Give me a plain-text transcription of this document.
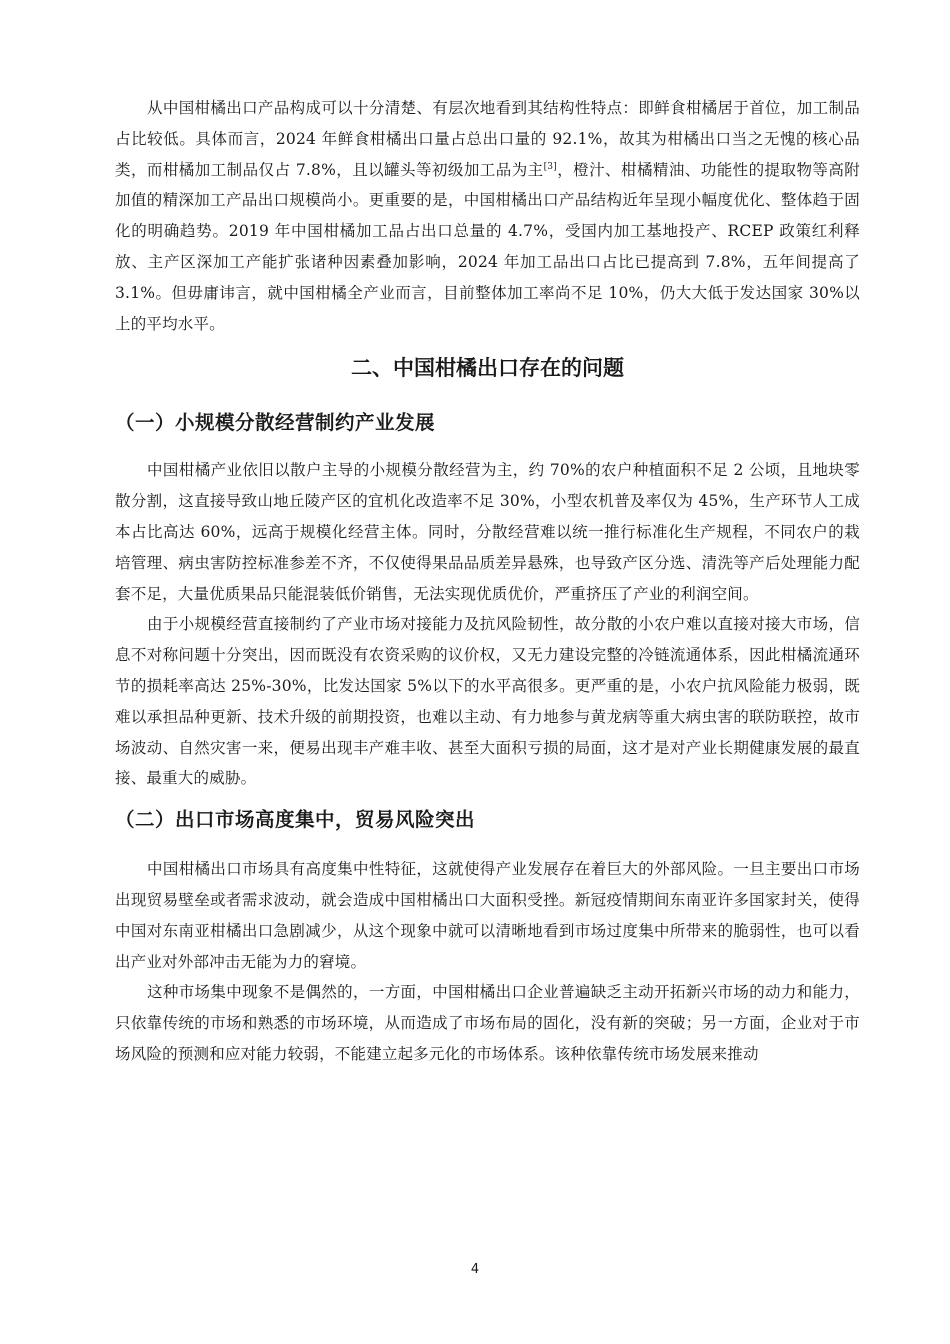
从中国柑橘出口产品构成可以十分清楚、有层次地看到其结构性特点：即鲜食柑橘居于首位，加工制品占比较低。具体而言，2024 年鲜食柑橘出口量占总出口量的 92.1%，故其为柑橘出口当之无愧的核心品类，而柑橘加工制品仅占 7.8%，且以罐头等初级加工品为主[3]，橙汁、柑橘精油、功能性的提取物等高附加值的精深加工产品出口规模尚小。更重要的是，中国柑橘出口产品结构近年呈现小幅度优化、整体趋于固化的明确趋势。2019 年中国柑橘加工品占出口总量的 4.7%，受国内加工基地投产、RCEP 政策红利释放、主产区深加工产能扩张诸种因素叠加影响，2024 年加工品出口占比已提高到 7.8%，五年间提高了 3.1%。但毋庸讳言，就中国柑橘全产业而言，目前整体加工率尚不足 10%，仍大大低于发达国家 30%以上的平均水平。

二、中国柑橘出口存在的问题
（一）小规模分散经营制约产业发展

中国柑橘产业依旧以散户主导的小规模分散经营为主，约 70%的农户种植面积不足 2 公顷，且地块零散分割，这直接导致山地丘陵产区的宜机化改造率不足 30%，小型农机普及率仅为 45%，生产环节人工成本占比高达 60%，远高于规模化经营主体。同时，分散经营难以统一推行标准化生产规程，不同农户的栽培管理、病虫害防控标准参差不齐，不仅使得果品品质差异悬殊，也导致产区分选、清洗等产后处理能力配套不足，大量优质果品只能混装低价销售，无法实现优质优价，严重挤压了产业的利润空间。

由于小规模经营直接制约了产业市场对接能力及抗风险韧性，故分散的小农户难以直接对接大市场，信息不对称问题十分突出，因而既没有农资采购的议价权，又无力建设完整的冷链流通体系，因此柑橘流通环节的损耗率高达 25%-30%，比发达国家 5%以下的水平高很多。更严重的是，小农户抗风险能力极弱，既难以承担品种更新、技术升级的前期投资，也难以主动、有力地参与黄龙病等重大病虫害的联防联控，故市场波动、自然灾害一来，便易出现丰产难丰收、甚至大面积亏损的局面，这才是对产业长期健康发展的最直接、最重大的威胁。

（二）出口市场高度集中，贸易风险突出

中国柑橘出口市场具有高度集中性特征，这就使得产业发展存在着巨大的外部风险。一旦主要出口市场出现贸易壁垒或者需求波动，就会造成中国柑橘出口大面积受挫。新冠疫情期间东南亚许多国家封关，使得中国对东南亚柑橘出口急剧减少，从这个现象中就可以清晰地看到市场过度集中所带来的脆弱性，也可以看出产业对外部冲击无能为力的窘境。

这种市场集中现象不是偶然的，一方面，中国柑橘出口企业普遍缺乏主动开拓新兴市场的动力和能力，只依靠传统的市场和熟悉的市场环境，从而造成了市场布局的固化，没有新的突破；另一方面，企业对于市场风险的预测和应对能力较弱，不能建立起多元化的市场体系。该种依靠传统市场发展来推动

4
